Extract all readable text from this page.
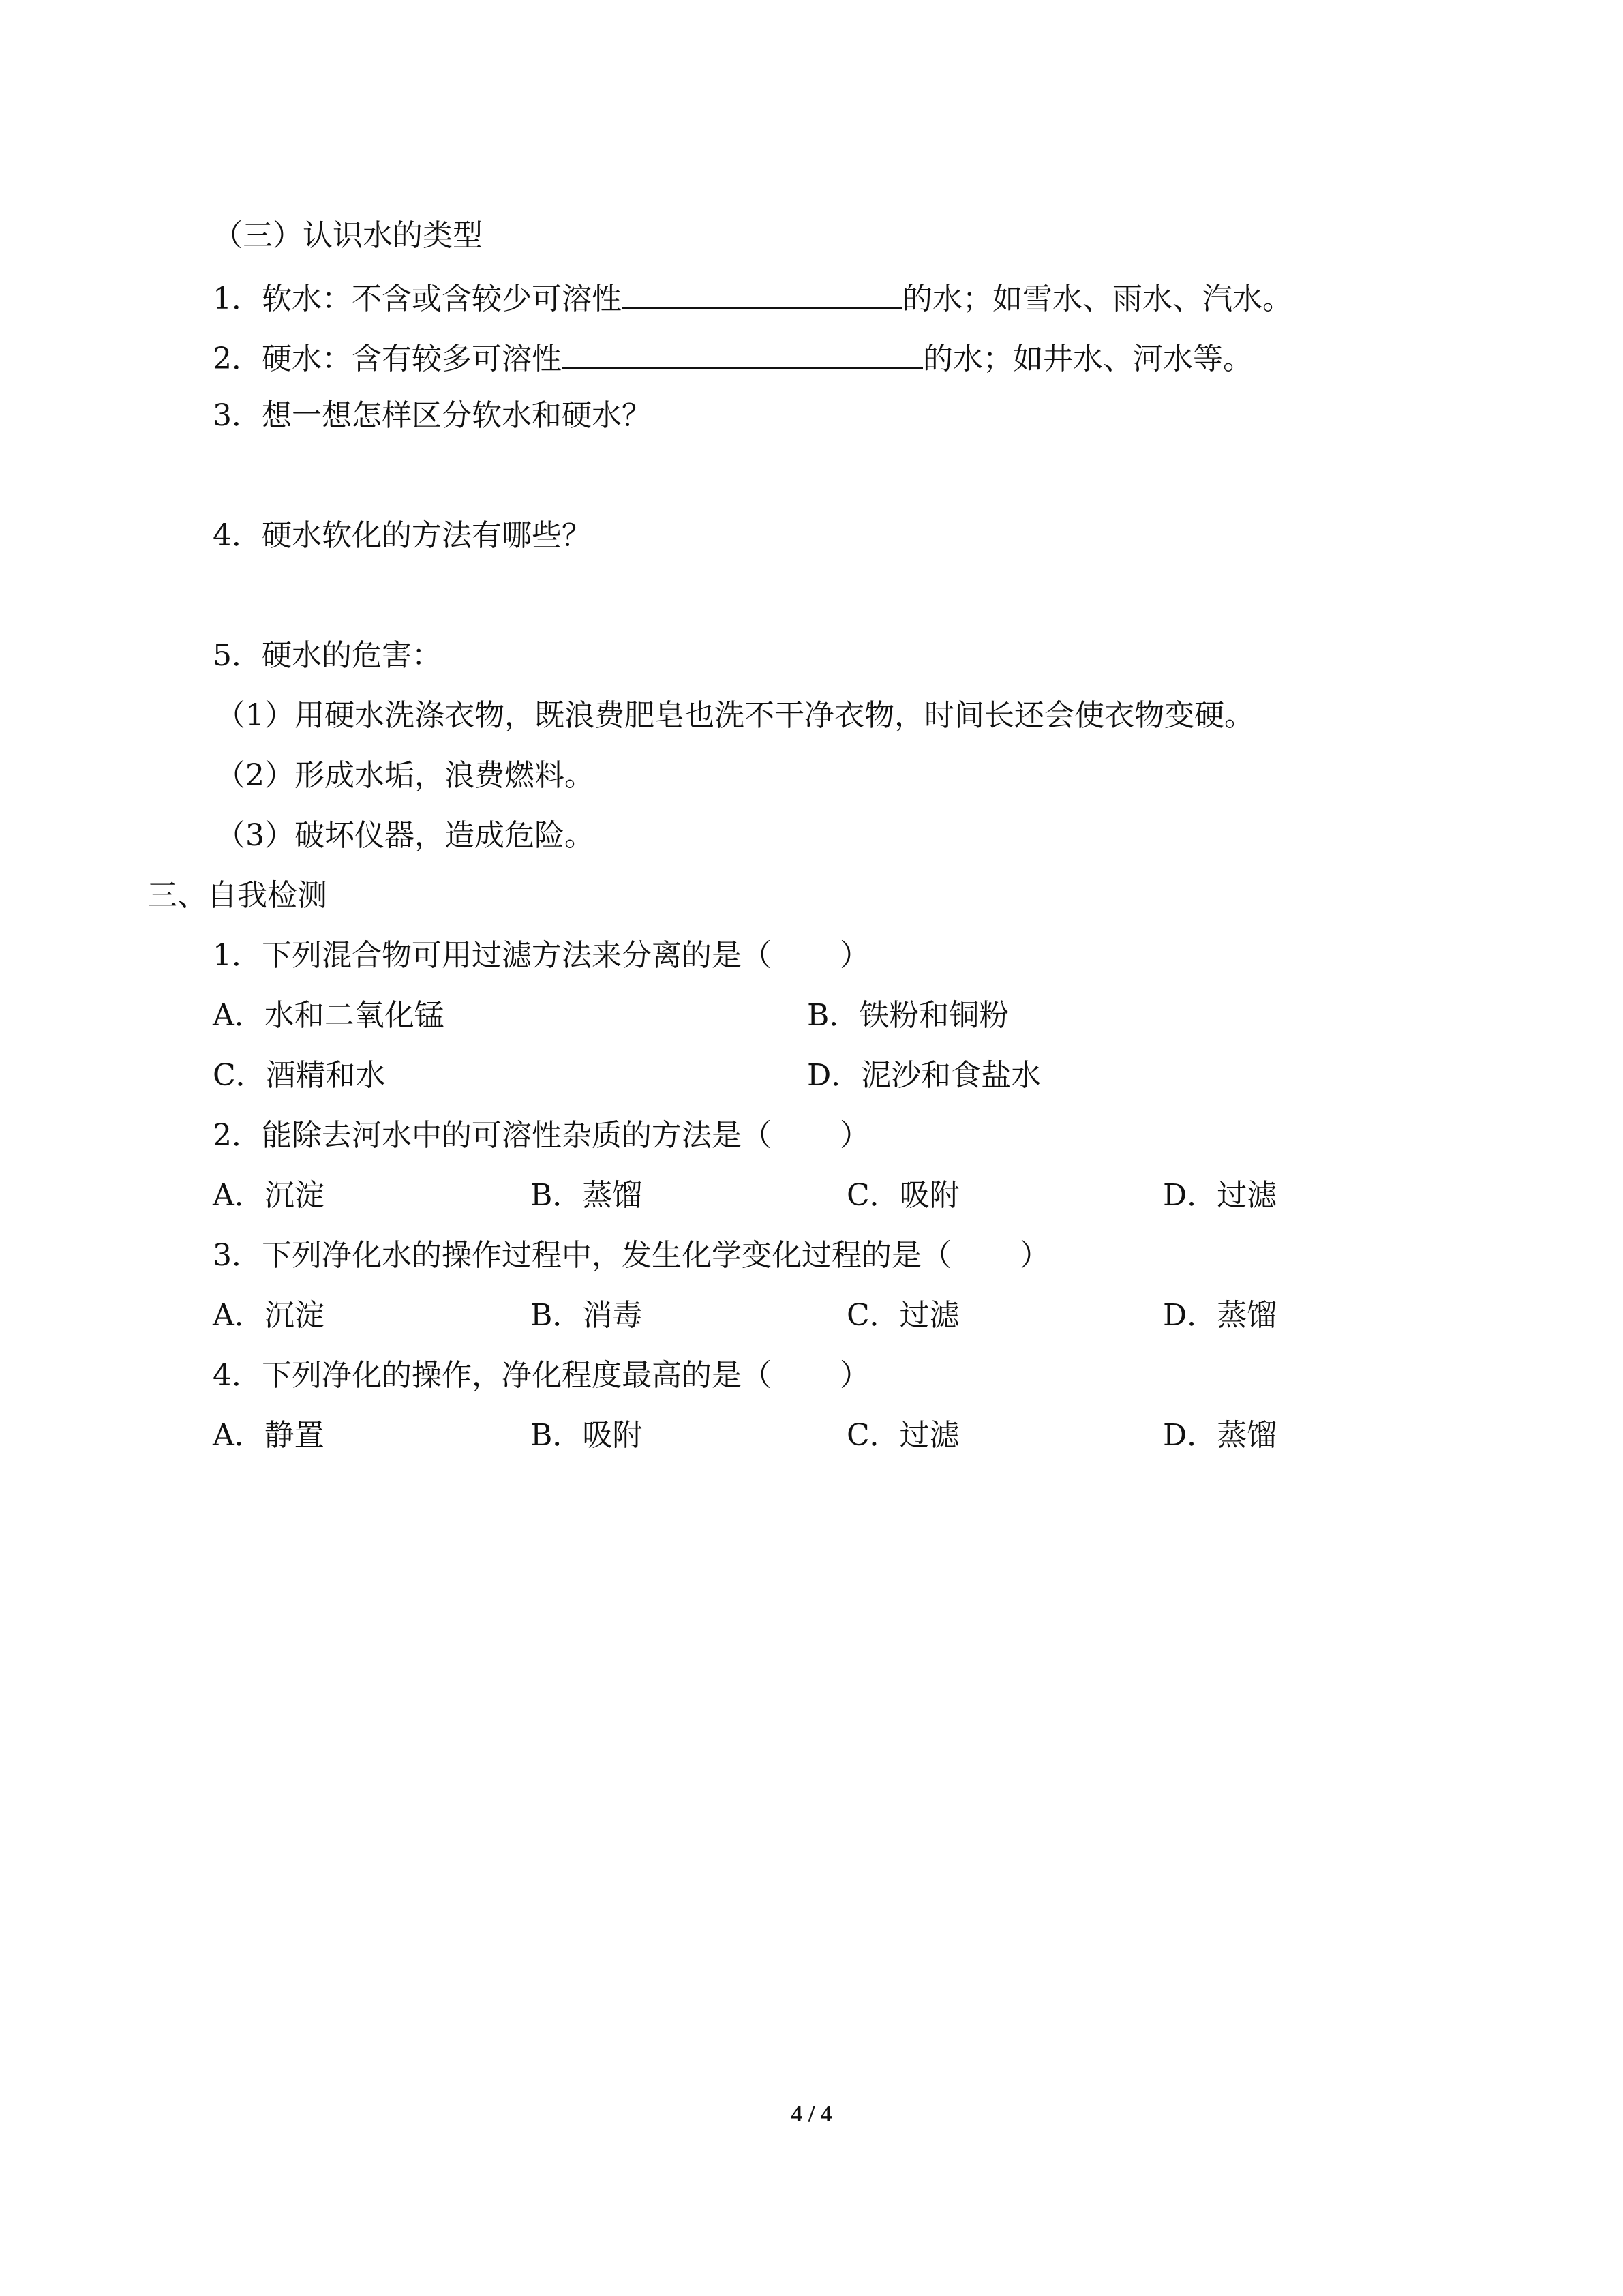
（三）认识水的类型
1．软水：不含或含较少可溶性	的水；如雪水、雨水、汽水。
2．硬水：含有较多可溶性	的水；如井水、河水等。
3．想一想怎样区分软水和硬水？
4．硬水软化的方法有哪些？
5．硬水的危害：
（1）用硬水洗涤衣物，既浪费肥皂也洗不干净衣物，时间长还会使衣物变硬。
（2）形成水垢，浪费燃料。
（3）破坏仪器，造成危险。
三、自我检测
1．下列混合物可用过滤方法来分离的是（ ）
A．水和二氧化锰	B．铁粉和铜粉
C．酒精和水	D．泥沙和食盐水
2．能除去河水中的可溶性杂质的方法是（ ）
A．沉淀	B．蒸馏	C．吸附	D．过滤
3．下列净化水的操作过程中，发生化学变化过程的是（ ）
A．沉淀	B．消毒	C．过滤	D．蒸馏
4．下列净化的操作，净化程度最高的是（ ）
A．静置	B．吸附	C．过滤	D．蒸馏
4 / 4
